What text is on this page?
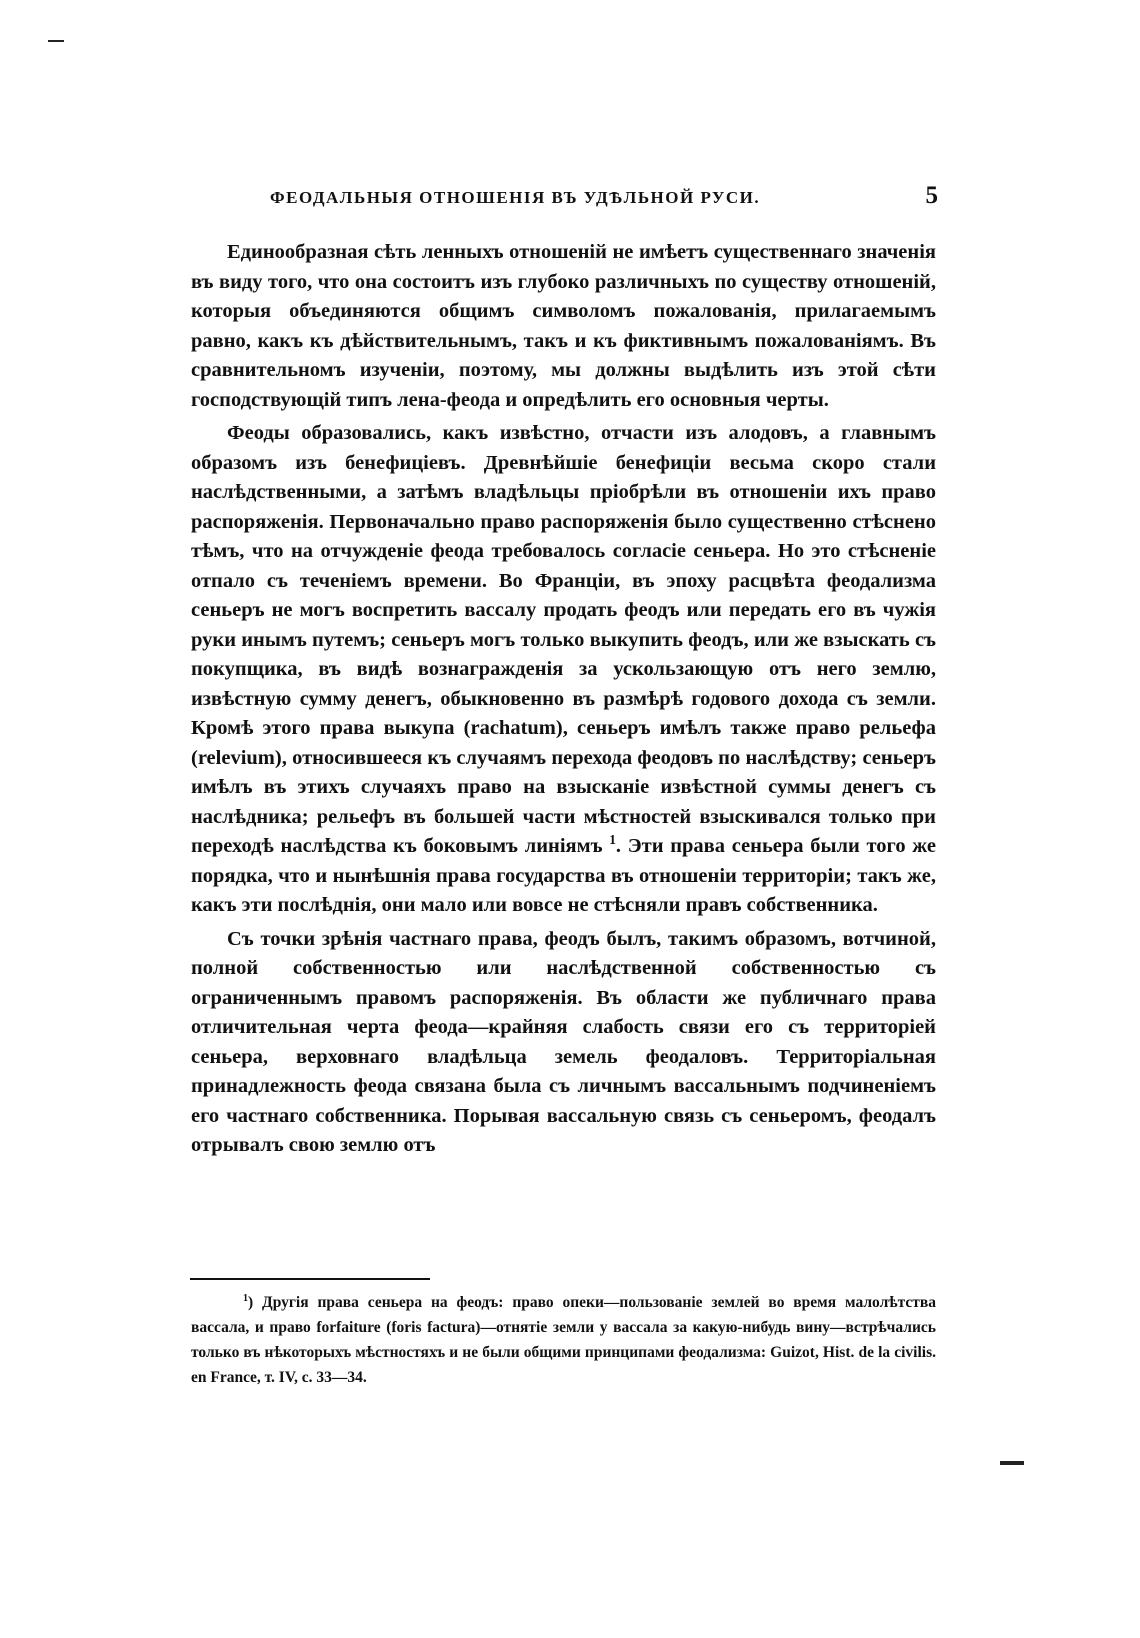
ФЕОДАЛЬНЫЯ ОТНОШЕНІЯ ВЪ УДѢЛЬНОЙ РУСИ.	5

Единообразная сѣть ленныхъ отношеній не имѣетъ существеннаго значенія въ виду того, что она состоитъ изъ глубоко различныхъ по существу отношеній, которыя объединяются общимъ символомъ пожалованія, прилагаемымъ равно, какъ къ дѣйствительнымъ, такъ и къ фиктивнымъ пожалованіямъ. Въ сравнительномъ изученіи, поэтому, мы должны выдѣлить изъ этой сѣти господствующій типъ лена-феода и опредѣлить его основныя черты.

Феоды образовались, какъ извѣстно, отчасти изъ алодовъ, а главнымъ образомъ изъ бенефиціевъ. Древнѣйшіе бенефиціи весьма скоро стали наслѣдственными, а затѣмъ владѣльцы пріобрѣли въ отношеніи ихъ право распоряженія. Первоначально право распоряженія было существенно стѣснено тѣмъ, что на отчужденіе феода требовалось согласіе сеньера. Но это стѣсненіе отпало съ теченіемъ времени. Во Франціи, въ эпоху расцвѣта феодализма сеньеръ не могъ воспретить вассалу продать феодъ или передать его въ чужія руки инымъ путемъ; сеньеръ могъ только выкупить феодъ, или же взыскать съ покупщика, въ видѣ вознагражденія за ускользающую отъ него землю, извѣстную сумму денегъ, обыкновенно въ размѣрѣ годового дохода съ земли. Кромѣ этого права выкупа (rachatum), сеньеръ имѣлъ также право рельефа (relevium), относившееся къ случаямъ перехода феодовъ по наслѣдству; сеньеръ имѣлъ въ этихъ случаяхъ право на взысканіе извѣстной суммы денегъ съ наслѣдника; рельефъ въ большей части мѣстностей взыскивался только при переходѣ наслѣдства къ боковымъ линіямъ $^1$. Эти права сеньера были того же порядка, что и нынѣшнія права государства въ отношеніи территоріи; такъ же, какъ эти послѣднія, они мало или вовсе не стѣсняли правъ собственника.

Съ точки зрѣнія частнаго права, феодъ былъ, такимъ образомъ, вотчиной, полной собственностью или наслѣдственной собственностью съ ограниченнымъ правомъ распоряженія. Въ области же публичнаго права отличительная черта феода—крайняя слабость связи его съ территоріей сеньера, верховнаго владѣльца земель феодаловъ. Территоріальная принадлежность феода связана была съ личнымъ вассальнымъ подчиненіемъ его частнаго собственника. Порывая вассальную связь съ сеньеромъ, феодалъ отрывалъ свою землю отъ

$^1$) Другія права сеньера на феодъ: право опеки—пользованіе землей во время малолѣтства вассала, и право forfaiture (foris factura)—отнятіе земли у вассала за какую-нибудь вину—встрѣчались только въ нѣкоторыхъ мѣстностяхъ и не были общими принципами феодализма: Guizot, Hist. de la civilis. en France, т. IV, с. 33—34.
